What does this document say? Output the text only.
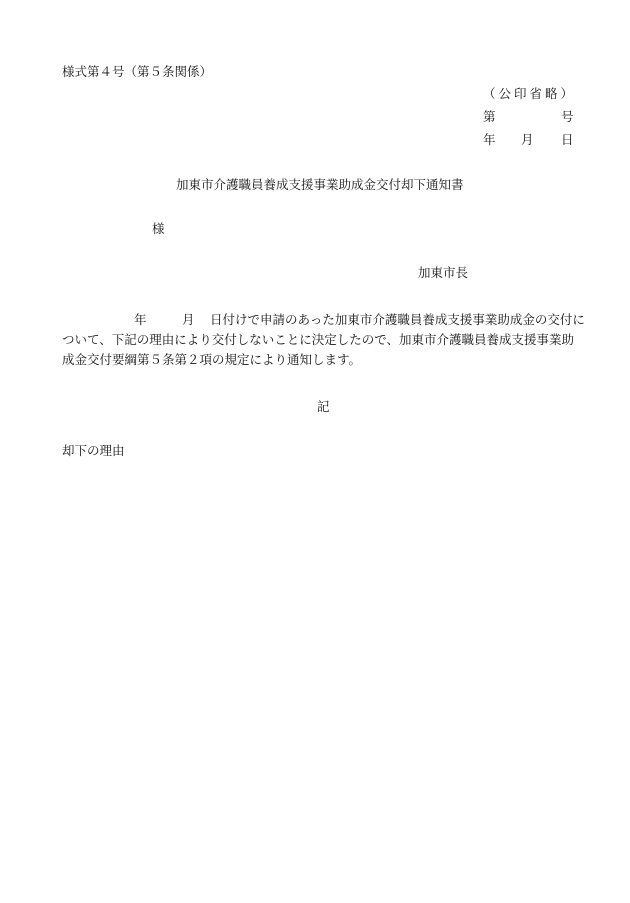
様式第４号（第５条関係）
（公印省略）
第	号
年 月 日
加東市介護職員養成支援事業助成金交付却下通知書
様
加東市長
年	月 日付けで申請のあった加東市介護職員養成支援事業助成金の交付に
ついて、下記の理由により交付しないことに決定したので、加東市介護職員養成支援事業助
成金交付要綱第５条第２項の規定により通知します。
記
却下の理由
